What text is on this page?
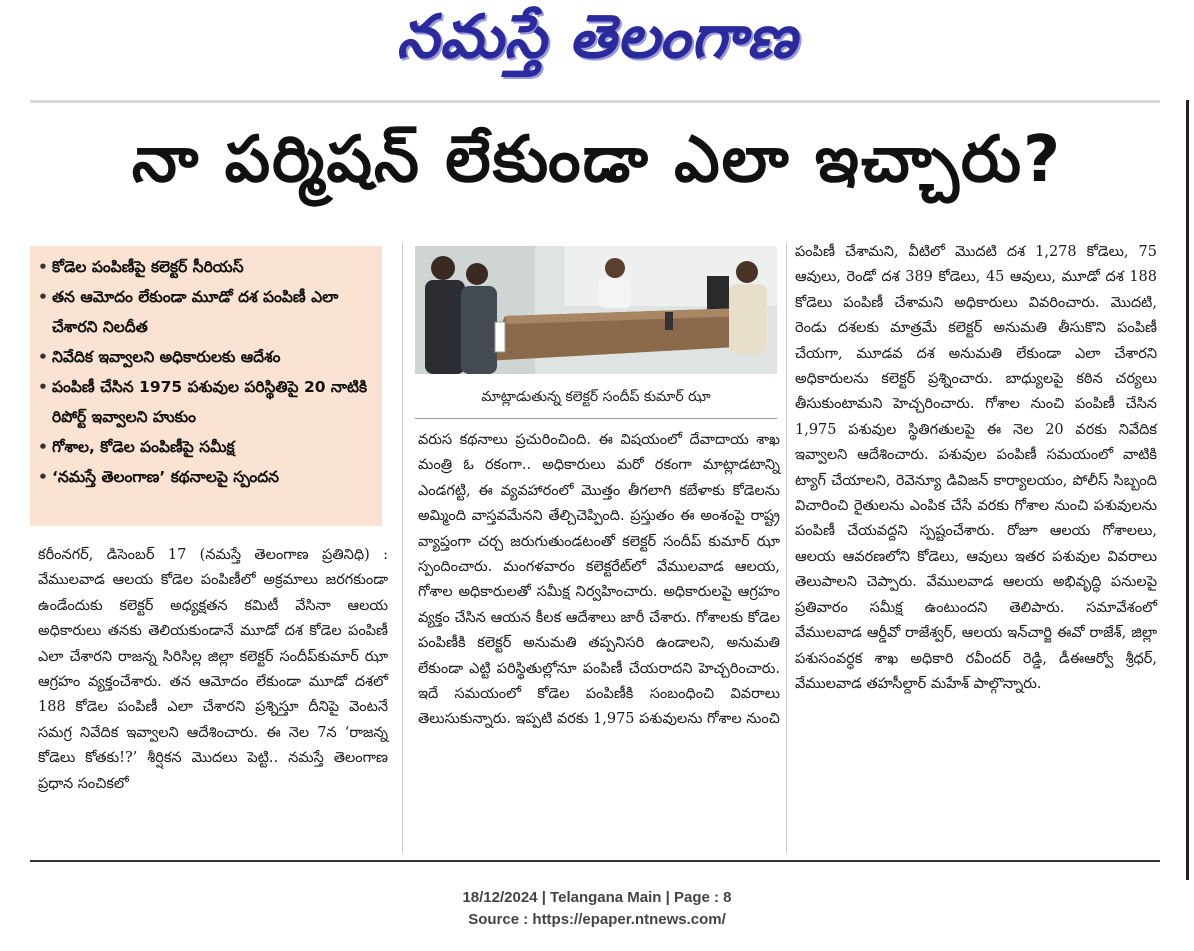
నమస్తే తెలంగాణ
నా పర్మిషన్ లేకుండా ఎలా ఇచ్చారు?
• కోడెల పంపిణీపై కలెక్టర్ సీరియస్
• తన ఆమోదం లేకుండా మూడో దశ పంపిణీ ఎలా చేశారని నిలదీత
• నివేదిక ఇవ్వాలని అధికారులకు ఆదేశం
• పంపిణీ చేసిన 1975 పశువుల పరిస్థితిపై 20 నాటికి రిపోర్ట్ ఇవ్వాలని హుకుం
• గోశాల, కోడెల పంపిణీపై సమీక్ష
• ‘నమస్తే తెలంగాణ’ కథనాలపై స్పందన
కరీంనగర్, డిసెంబర్ 17 (నమస్తే తెలంగాణ ప్రతినిధి) : వేములవాడ ఆలయ కోడెల పంపిణీలో అక్రమాలు జరగకుండా ఉండేందుకు కలెక్టర్ అధ్యక్షతన కమిటీ వేసినా ఆలయ అధికారులు తనకు తెలియకుండానే మూడో దశ కోడెల పంపిణీ ఎలా చేశారని రాజన్న సిరిసిల్ల జిల్లా కలెక్టర్ సందీప్‌కుమార్ ఝా ఆగ్రహం వ్యక్తంచేశారు. తన ఆమోదం లేకుండా మూడో దశలో 188 కోడెల పంపిణీ ఎలా చేశారని ప్రశ్నిస్తూ దీనిపై వెంటనే సమగ్ర నివేదిక ఇవ్వాలని ఆదేశించారు. ఈ నెల 7న ‘రాజన్న కోడెలు కోతకు!?’ శీర్షికన మొదలు పెట్టి.. నమస్తే తెలంగాణ ప్రధాన సంచికలో
మాట్లాడుతున్న కలెక్టర్ సందీప్ కుమార్ ఝా
వరుస కథనాలు ప్రచురించింది. ఈ విషయంలో దేవాదాయ శాఖ మంత్రి ఓ రకంగా.. అధికారులు మరో రకంగా మాట్లాడటాన్ని ఎండగట్టి, ఈ వ్యవహారంలో మొత్తం తీగలాగి కబేళాకు కోడెలను అమ్మింది వాస్తవమేనని తేల్చిచెప్పింది. ప్రస్తుతం ఈ అంశంపై రాష్ట్ర వ్యాప్తంగా చర్చ జరుగుతుండటంతో కలెక్టర్ సందీప్ కుమార్ ఝా స్పందించారు. మంగళవారం కలెక్టరేట్‌లో వేములవాడ ఆలయ, గోశాల అధికారులతో సమీక్ష నిర్వహించారు. అధికారులపై ఆగ్రహం వ్యక్తం చేసిన ఆయన కీలక ఆదేశాలు జారీ చేశారు. గోశాలకు కోడెల పంపిణీకి కలెక్టర్ అనుమతి తప్పనిసరి ఉండాలని, అనుమతి లేకుండా ఎట్టి పరిస్థితుల్లోనూ పంపిణీ చేయరాదని హెచ్చరించారు. ఇదే సమయంలో కోడెల పంపిణీకి సంబంధించి వివరాలు తెలుసుకున్నారు. ఇప్పటి వరకు 1,975 పశువులను గోశాల నుంచి
పంపిణీ చేశామని, వీటిలో మొదటి దశ 1,278 కోడెలు, 75 ఆవులు, రెండో దశ 389 కోడెలు, 45 ఆవులు, మూడో దశ 188 కోడెలు పంపిణీ చేశామని అధికారులు వివరించారు. మొదటి, రెండు దశలకు మాత్రమే కలెక్టర్ అనుమతి తీసుకొని పంపిణీ చేయగా, మూడవ దశ అనుమతి లేకుండా ఎలా చేశారని అధికారులను కలెక్టర్ ప్రశ్నించారు. బాధ్యులపై కఠిన చర్యలు తీసుకుంటామని హెచ్చరించారు. గోశాల నుంచి పంపిణీ చేసిన 1,975 పశువుల స్థితిగతులపై ఈ నెల 20 వరకు నివేదిక ఇవ్వాలని ఆదేశించారు. పశువుల పంపిణీ సమయంలో వాటికి ట్యాగ్ చేయాలని, రెవెన్యూ డివిజన్ కార్యాలయం, పోలీస్ సిబ్బంది విచారించి రైతులను ఎంపిక చేసే వరకు గోశాల నుంచి పశువులను పంపిణీ చేయవద్దని స్పష్టంచేశారు. రోజూ ఆలయ గోశాలలు, ఆలయ ఆవరణలోని కోడెలు, ఆవులు ఇతర పశువుల వివరాలు తెలుపాలని చెప్పారు. వేములవాడ ఆలయ అభివృద్ధి పనులపై ప్రతివారం సమీక్ష ఉంటుందని తెలిపారు. సమావేశంలో వేములవాడ ఆర్డీవో రాజేశ్వర్, ఆలయ ఇన్‌చార్జి ఈవో రాజేశ్, జిల్లా పశుసంవర్ధక శాఖ అధికారి రవీందర్ రెడ్డి, డీఈఆర్వో శ్రీధర్, వేములవాడ తహసీల్దార్ మహేశ్ పాల్గొన్నారు.
18/12/2024 | Telangana Main | Page : 8
Source : https://epaper.ntnews.com/
